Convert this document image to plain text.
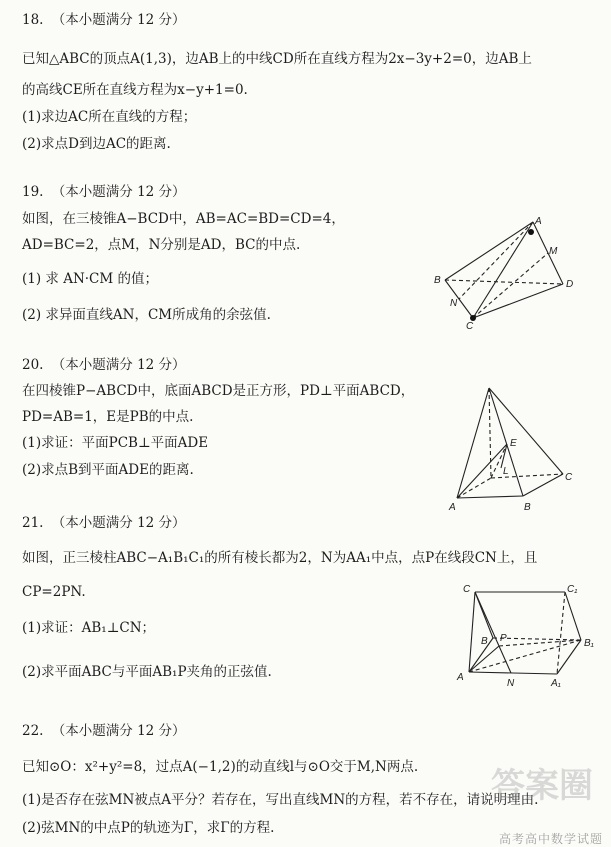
18. （本小题满分 12 分）
已知△ABC的顶点A(1,3)，边AB上的中线CD所在直线方程为2x−3y+2=0，边AB上
的高线CE所在直线方程为x−y+1=0.
(1)求边AC所在直线的方程；
(2)求点D到边AC的距离.
19. （本小题满分 12 分）
如图，在三棱锥A−BCD中，AB=AC=BD=CD=4，
AD=BC=2，点M，N分别是AD，BC的中点.
(1) 求 AN·CM 的值；
(2) 求异面直线AN，CM所成角的余弦值.
A
B
C
D
M
N
20. （本小题满分 12 分）
在四棱锥P−ABCD中，底面ABCD是正方形，PD⊥平面ABCD，
PD=AB=1，E是PB的中点.
(1)求证：平面PCB⊥平面ADE
(2)求点B到平面ADE的距离.
E
L
A	B
C
21. （本小题满分 12 分）
如图，正三棱柱ABC−A₁B₁C₁的所有棱长都为2，N为AA₁中点，点P在线段CN上，且
CP=2PN.
(1)求证：AB₁⊥CN；
(2)求平面ABC与平面AB₁P夹角的正弦值.
C	C₁
B P	B₁
A
N	A₁
22. （本小题满分 12 分）
已知⊙O：x²+y²=8，过点A(−1,2)的动直线l与⊙O交于M,N两点.
(1)是否存在弦MN被点A平分？若存在，写出直线MN的方程，若不存在，请说明理由.
(2)弦MN的中点P的轨迹为Γ，求Γ的方程.
答案圈
高考高中数学试题
